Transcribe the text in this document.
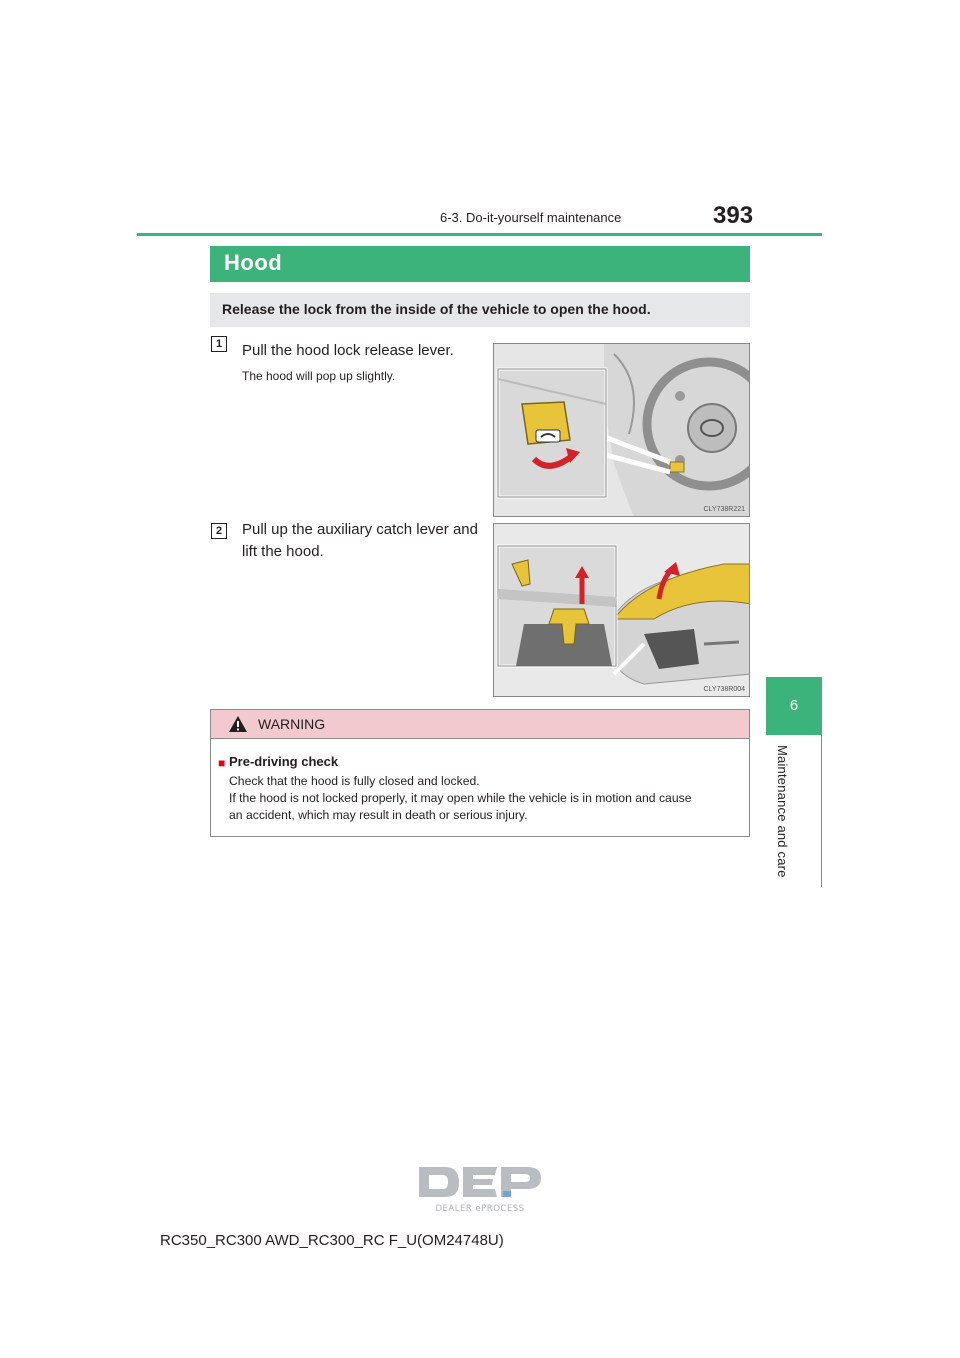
6-3. Do-it-yourself maintenance	393
6
Maintenance and care
Hood
Release the lock from the inside of the vehicle to open the hood.
1	Pull the hood lock release lever.
The hood will pop up slightly.
CLY738R221
2	Pull up the auxiliary catch lever and
lift the hood.
CLY738R004
WARNING
■ Pre-driving check
Check that the hood is fully closed and locked.
If the hood is not locked properly, it may open while the vehicle is in motion and cause
an accident, which may result in death or serious injury.
DEALER ePROCESS
RC350_RC300 AWD_RC300_RC F_U(OM24748U)
